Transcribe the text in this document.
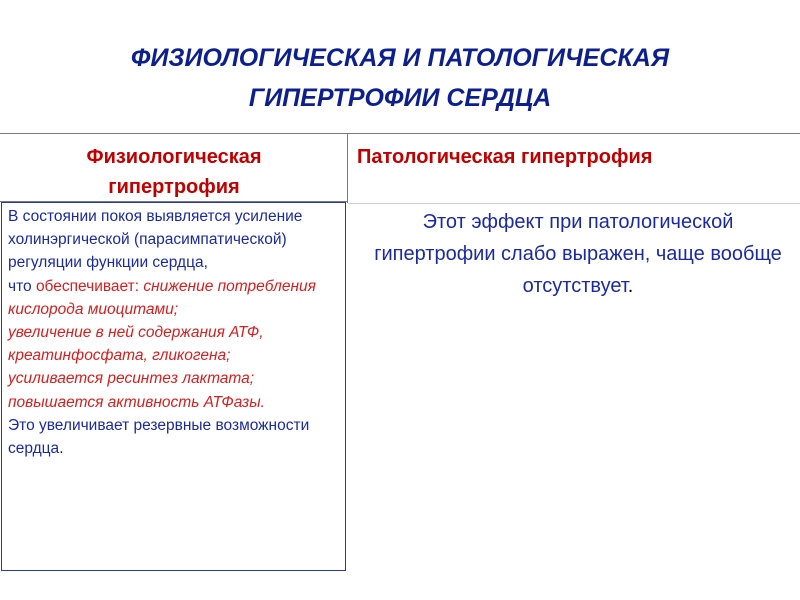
ФИЗИОЛОГИЧЕСКАЯ И ПАТОЛОГИЧЕСКАЯ
ГИПЕРТРОФИИ СЕРДЦА
Физиологическая
гипертрофия
Патологическая гипертрофия
В состоянии покоя выявляется усиление холинэргической (парасимпатической) регуляции функции сердца,
что обеспечивает: снижение потребления кислорода миоцитами;
увеличение в ней содержания АТФ, креатинфосфата, гликогена;
усиливается ресинтез лактата; повышается активность АТФазы.
Это увеличивает резервные возможности сердца.
Этот эффект при патологической гипертрофии слабо выражен, чаще вообще отсутствует.
